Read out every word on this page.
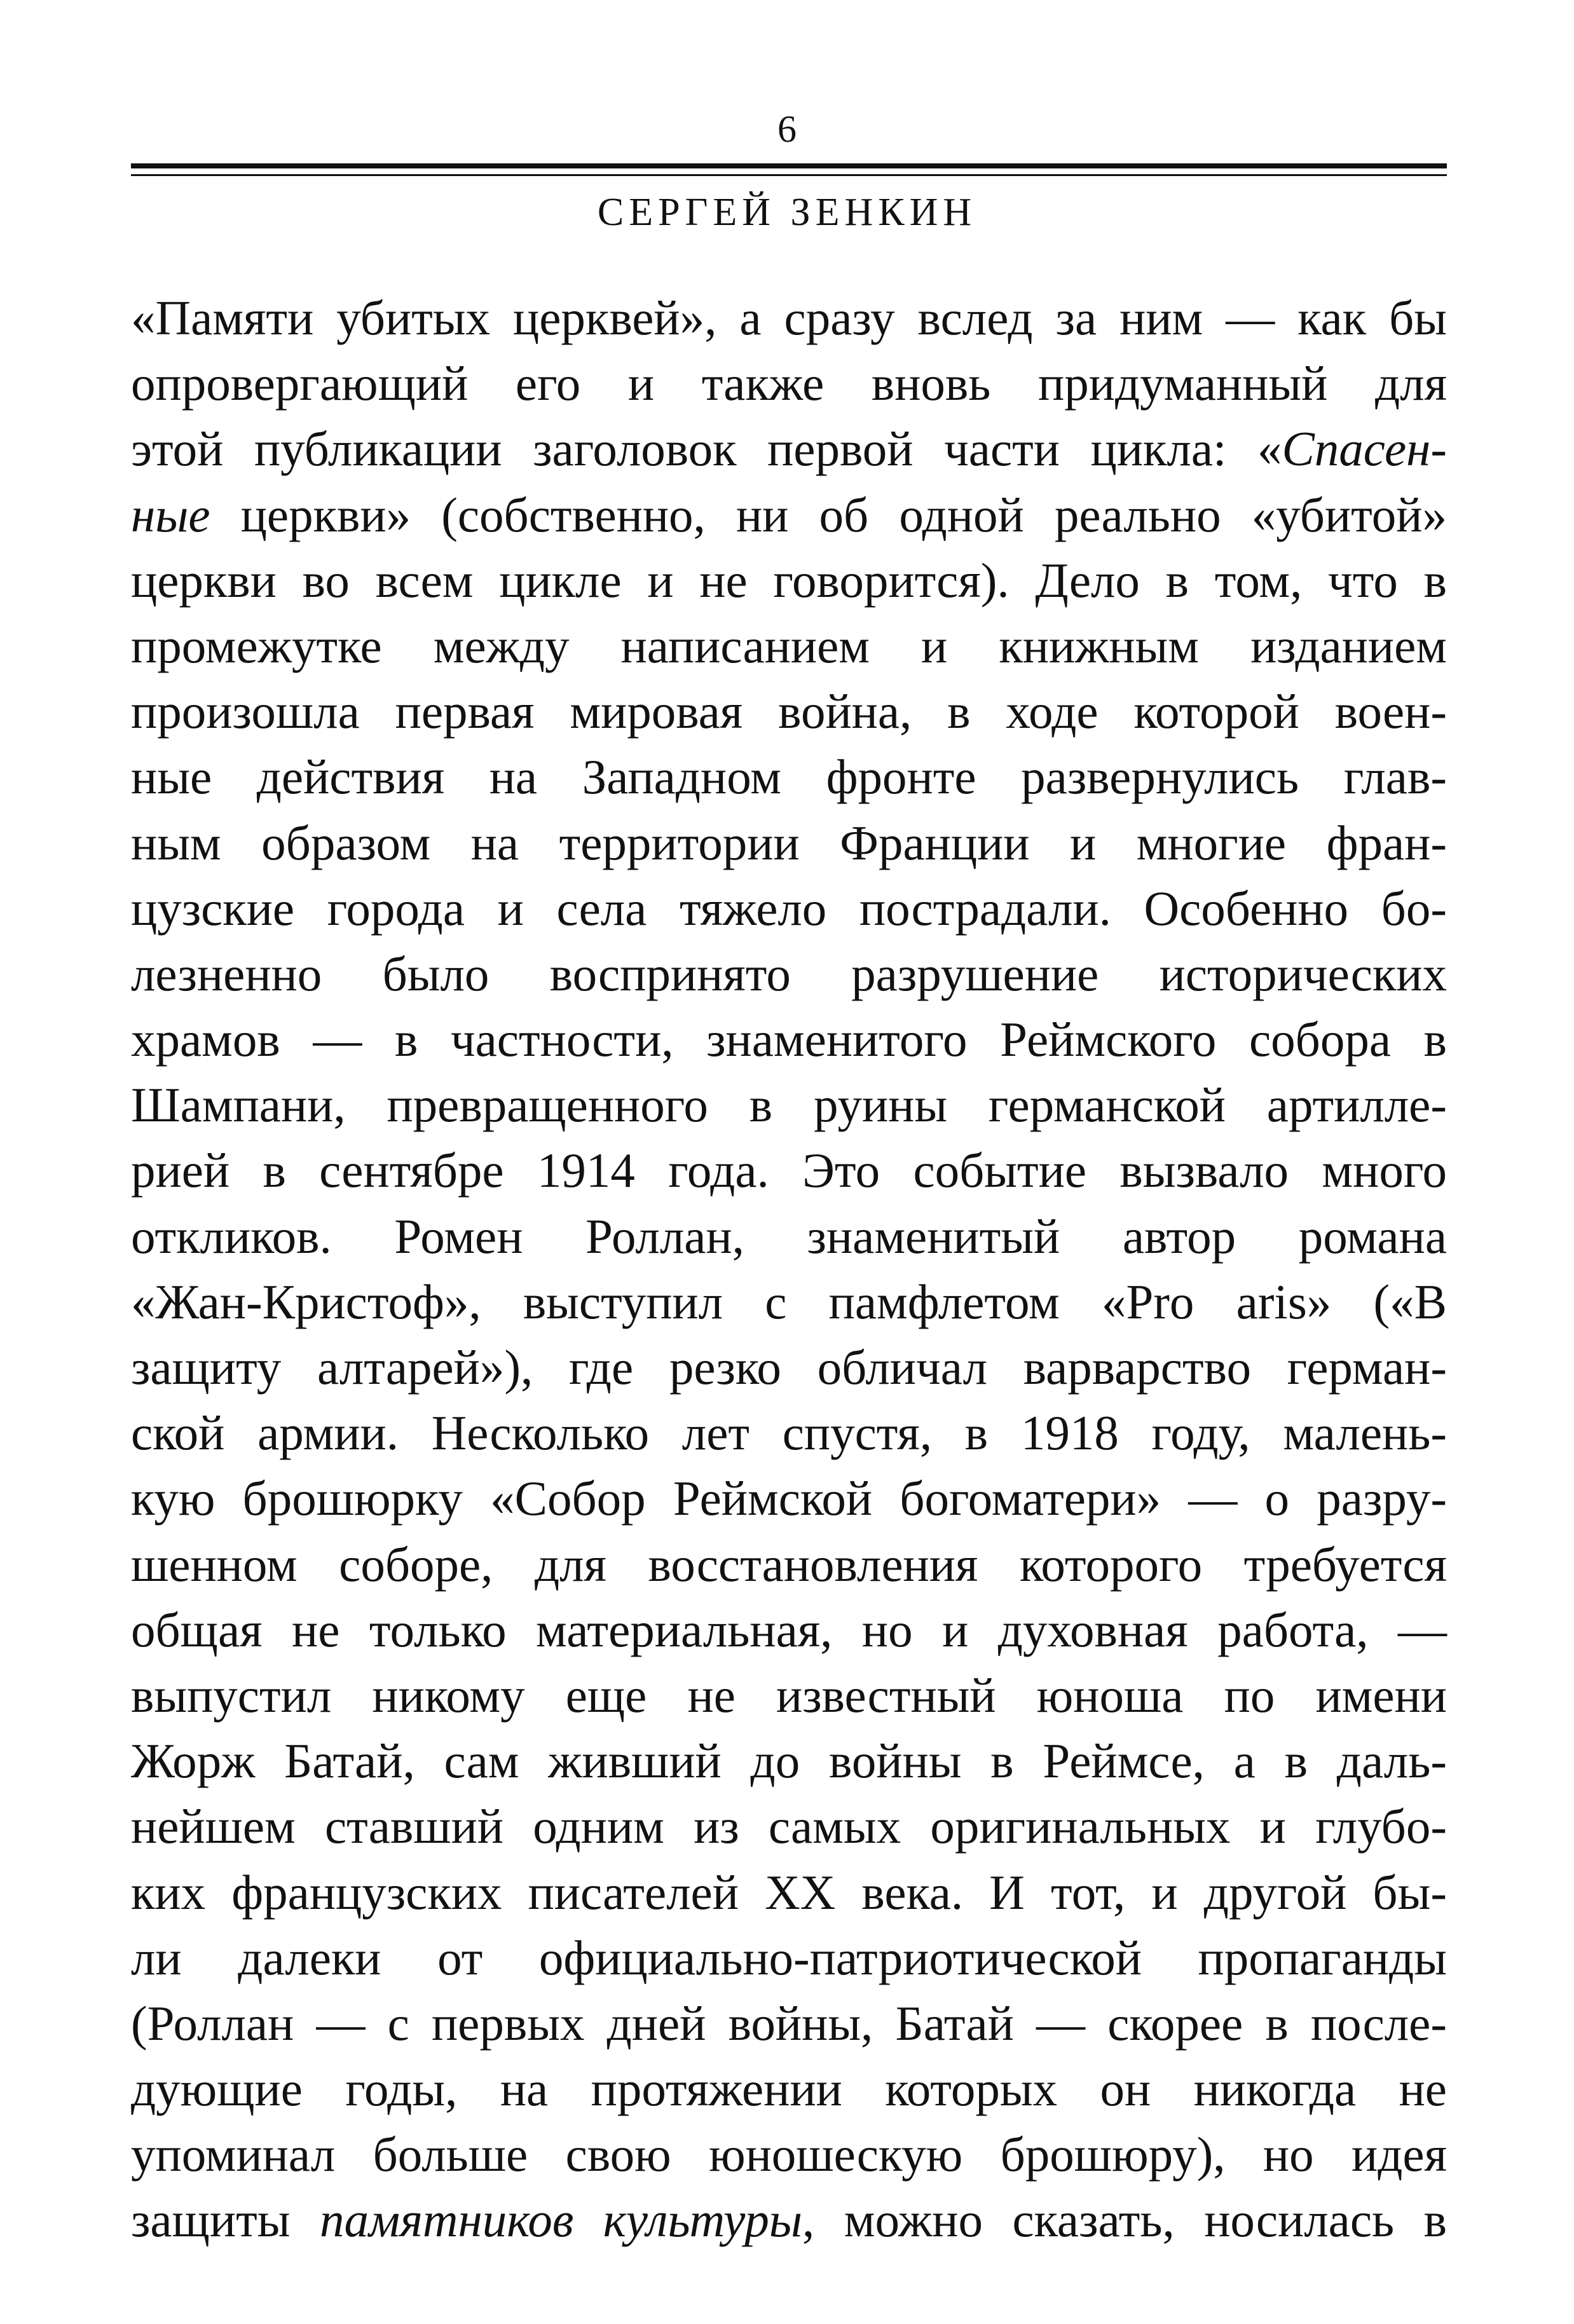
6
СЕРГЕЙ ЗЕНКИН
«Памяти убитых церквей», а сразу вслед за ним — как бы
опровергающий его и также вновь придуманный для
этой публикации заголовок первой части цикла: «Спасен-
ные церкви» (собственно, ни об одной реально «убитой»
церкви во всем цикле и не говорится). Дело в том, что в
промежутке между написанием и книжным изданием
произошла первая мировая война, в ходе которой воен-
ные действия на Западном фронте развернулись глав-
ным образом на территории Франции и многие фран-
цузские города и села тяжело пострадали. Особенно бо-
лезненно было воспринято разрушение исторических
храмов — в частности, знаменитого Реймского собора в
Шампани, превращенного в руины германской артилле-
рией в сентябре 1914 года. Это событие вызвало много
откликов. Ромен Роллан, знаменитый автор романа
«Жан-Кристоф», выступил с памфлетом «Pro aris» («В
защиту алтарей»), где резко обличал варварство герман-
ской армии. Несколько лет спустя, в 1918 году, малень-
кую брошюрку «Собор Реймской богоматери» — о разру-
шенном соборе, для восстановления которого требуется
общая не только материальная, но и духовная работа, —
выпустил никому еще не известный юноша по имени
Жорж Батай, сам живший до войны в Реймсе, а в даль-
нейшем ставший одним из самых оригинальных и глубо-
ких французских писателей XX века. И тот, и другой бы-
ли далеки от официально-патриотической пропаганды
(Роллан — с первых дней войны, Батай — скорее в после-
дующие годы, на протяжении которых он никогда не
упоминал больше свою юношескую брошюру), но идея
защиты памятников культуры, можно сказать, носилась в
